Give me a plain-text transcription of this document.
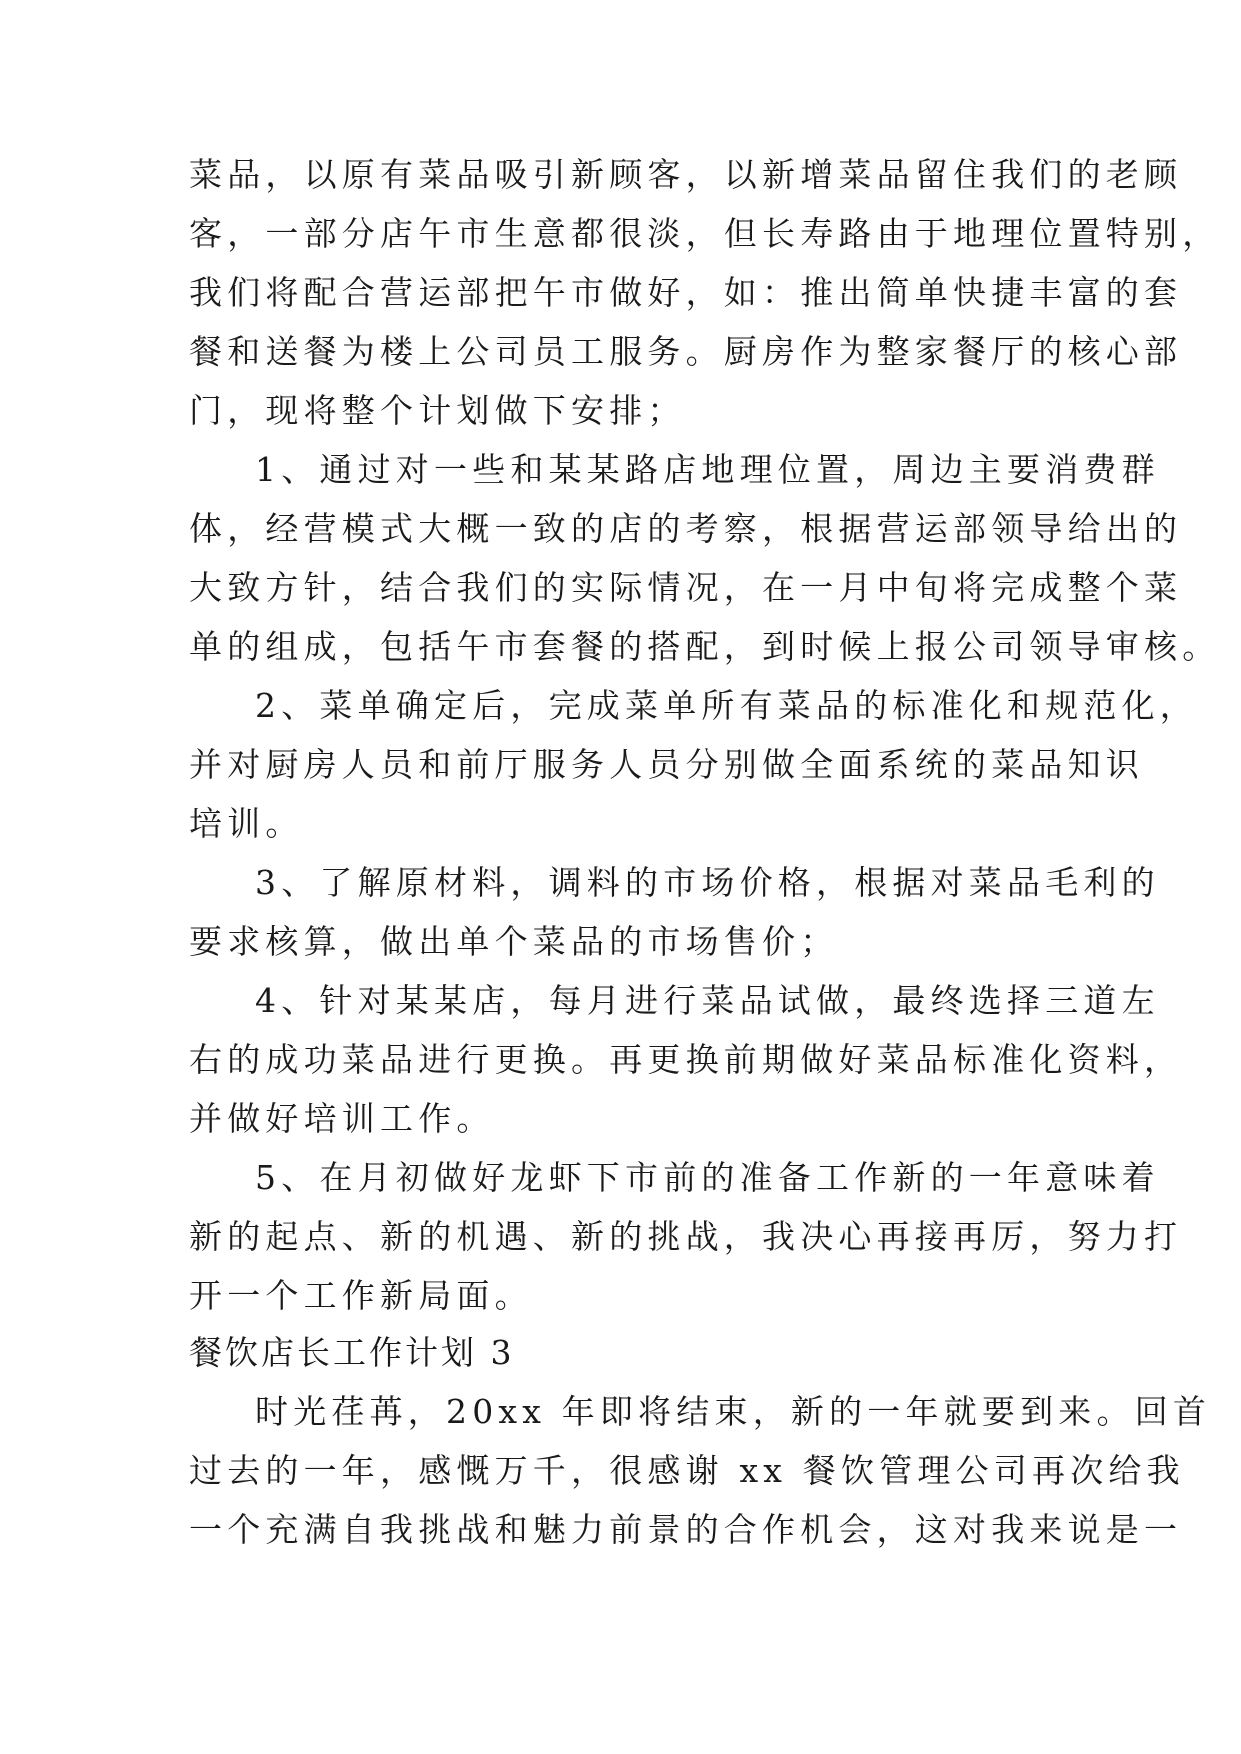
菜品，以原有菜品吸引新顾客，以新增菜品留住我们的老顾
客，一部分店午市生意都很淡，但长寿路由于地理位置特别，
我们将配合营运部把午市做好，如：推出简单快捷丰富的套
餐和送餐为楼上公司员工服务。厨房作为整家餐厅的核心部
门，现将整个计划做下安排；
1、通过对一些和某某路店地理位置，周边主要消费群
体，经营模式大概一致的店的考察，根据营运部领导给出的
大致方针，结合我们的实际情况，在一月中旬将完成整个菜
单的组成，包括午市套餐的搭配，到时候上报公司领导审核。
2、菜单确定后，完成菜单所有菜品的标准化和规范化，
并对厨房人员和前厅服务人员分别做全面系统的菜品知识
培训。
3、了解原材料，调料的市场价格，根据对菜品毛利的
要求核算，做出单个菜品的市场售价；
4、针对某某店，每月进行菜品试做，最终选择三道左
右的成功菜品进行更换。再更换前期做好菜品标准化资料，
并做好培训工作。
5、在月初做好龙虾下市前的准备工作新的一年意味着
新的起点、新的机遇、新的挑战，我决心再接再厉，努力打
开一个工作新局面。
餐饮店长工作计划 3
时光荏苒，20xx 年即将结束，新的一年就要到来。回首
过去的一年，感慨万千，很感谢 xx 餐饮管理公司再次给我
一个充满自我挑战和魅力前景的合作机会，这对我来说是一
